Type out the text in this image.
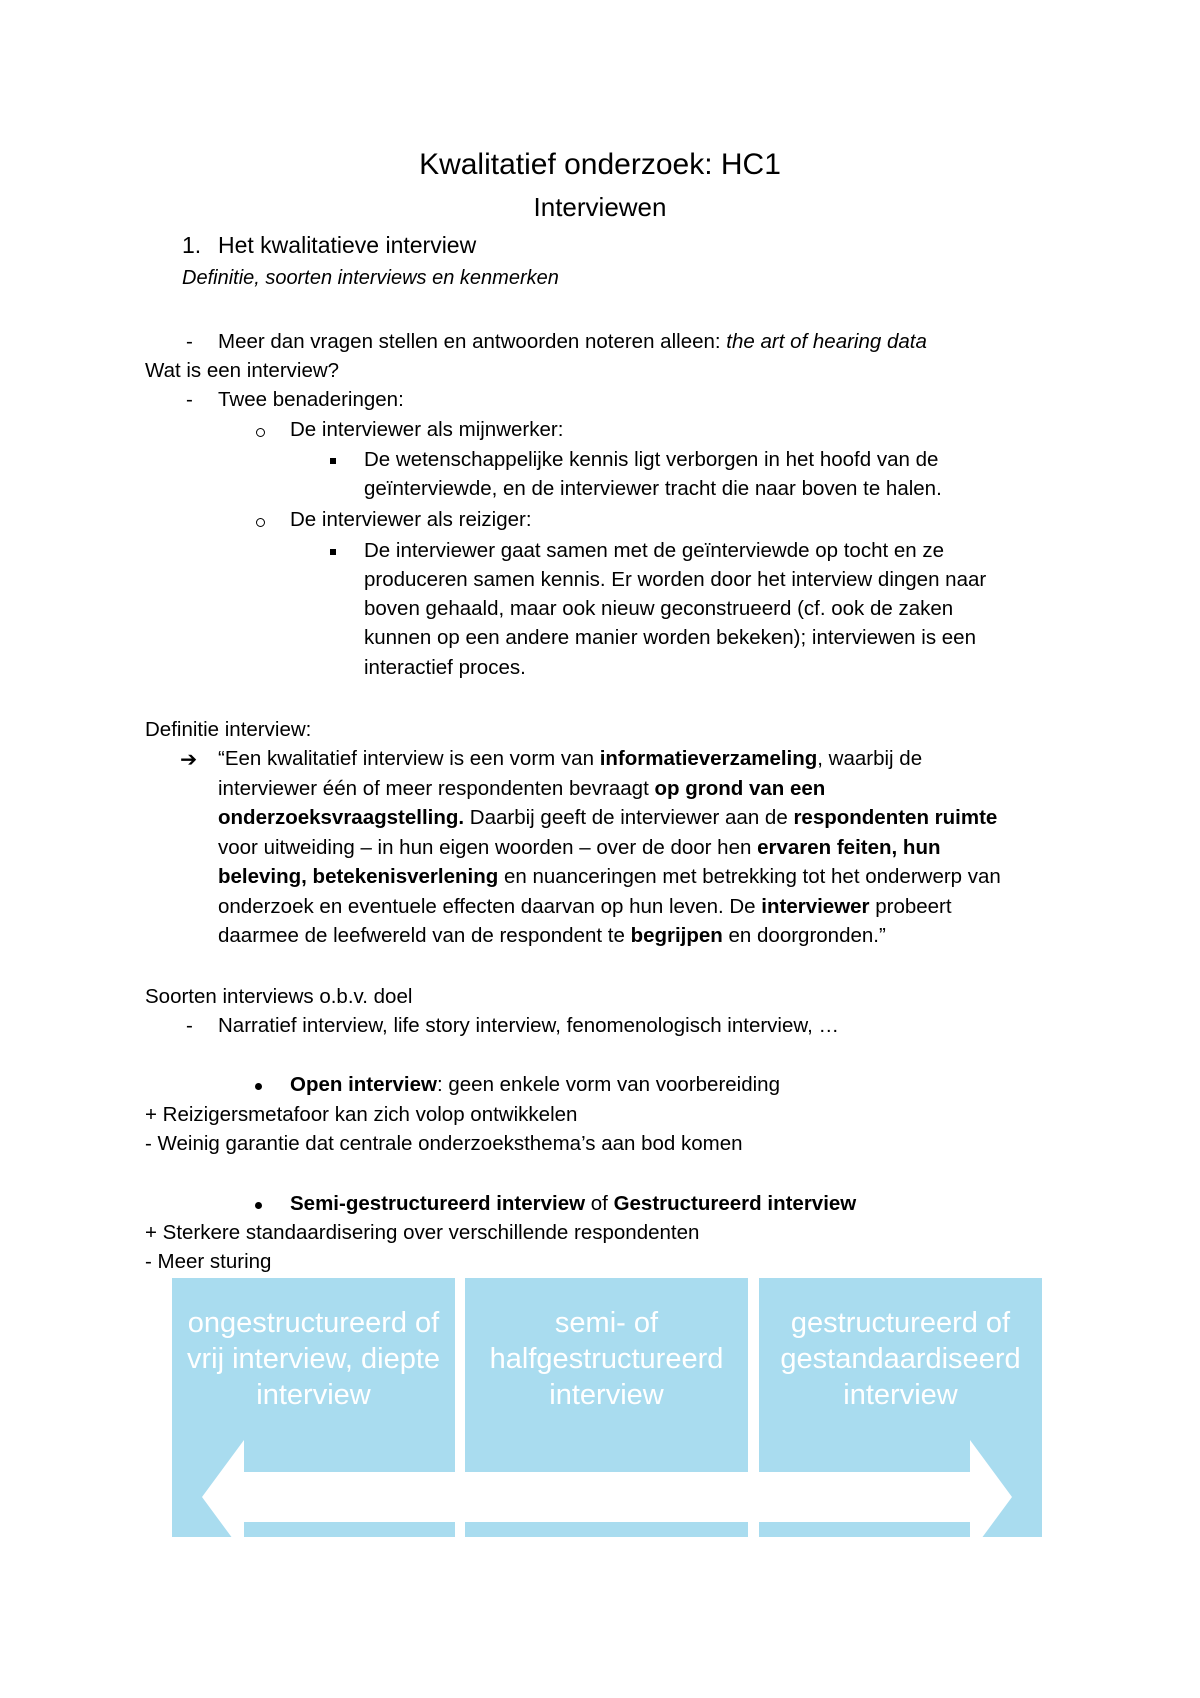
Kwalitatief onderzoek: HC1
Interviewen
1. Het kwalitatieve interview
Definitie, soorten interviews en kenmerken
- Meer dan vragen stellen en antwoorden noteren alleen: the art of hearing data
Wat is een interview?
- Twee benaderingen:
De interviewer als mijnwerker:
De wetenschappelijke kennis ligt verborgen in het hoofd van de
geïnterviewde, en de interviewer tracht die naar boven te halen.
De interviewer als reiziger:
De interviewer gaat samen met de geïnterviewde op tocht en ze
produceren samen kennis. Er worden door het interview dingen naar
boven gehaald, maar ook nieuw geconstrueerd (cf. ook de zaken
kunnen op een andere manier worden bekeken); interviewen is een
interactief proces.
Definitie interview:
➔ “Een kwalitatief interview is een vorm van informatieverzameling, waarbij de
interviewer één of meer respondenten bevraagt op grond van een
onderzoeksvraagstelling. Daarbij geeft de interviewer aan de respondenten ruimte
voor uitweiding – in hun eigen woorden – over de door hen ervaren feiten, hun
beleving, betekenisverlening en nuanceringen met betrekking tot het onderwerp van
onderzoek en eventuele effecten daarvan op hun leven. De interviewer probeert
daarmee de leefwereld van de respondent te begrijpen en doorgronden.”
Soorten interviews o.b.v. doel
- Narratief interview, life story interview, fenomenologisch interview, …
Open interview: geen enkele vorm van voorbereiding
+ Reizigersmetafoor kan zich volop ontwikkelen
- Weinig garantie dat centrale onderzoeksthema’s aan bod komen
Semi-gestructureerd interview of Gestructureerd interview
+ Sterkere standaardisering over verschillende respondenten
- Meer sturing
ongestructureerd of vrij interview, diepte interview
semi- of halfgestructureerd interview
gestructureerd of gestandaardiseerd interview
